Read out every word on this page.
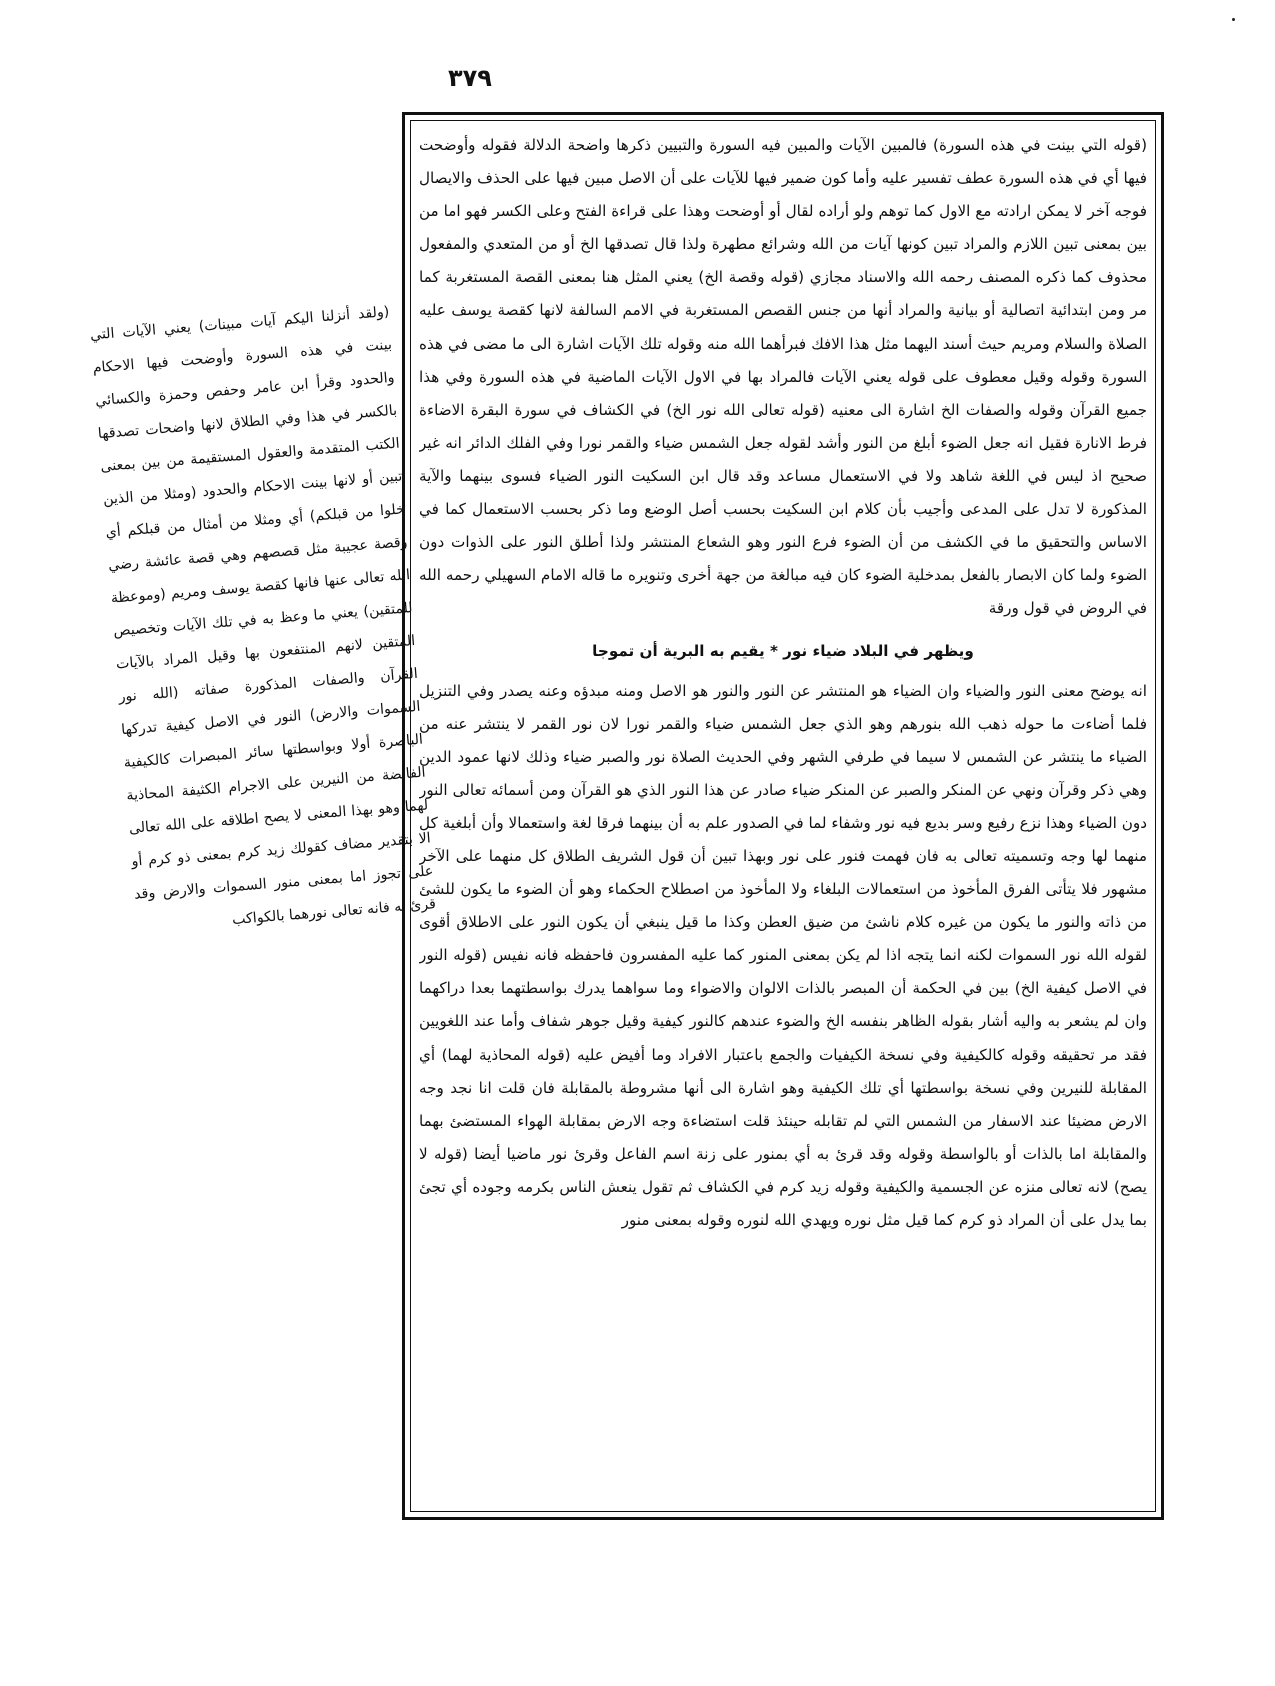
٣٧٩
(ولقد أنزلنا اليكم آيات مبينات) يعني الآيات التي بينت في هذه السورة وأوضحت فيها الاحكام والحدود وقرأ ابن عامر وحفص وحمزة والكسائي بالكسر في هذا وفي الطلاق لانها واضحات تصدقها الكتب المتقدمة والعقول المستقيمة من بين بمعنى تبين أو لانها بينت الاحكام والحدود (ومثلا من الذين خلوا من قبلكم) أي ومثلا من أمثال من قبلكم أي وقصة عجيبة مثل قصصهم وهي قصة عائشة رضي الله تعالى عنها فانها كقصة يوسف ومريم (وموعظة للمتقين) يعني ما وعظ به في تلك الآيات وتخصيص المتقين لانهم المنتفعون بها وقيل المراد بالآيات القرآن والصفات المذكورة صفاته (الله نور السموات والارض) النور في الاصل كيفية تدركها الباصرة أولا وبواسطتها سائر المبصرات كالكيفية الفائضة من النيرين على الاجرام الكثيفة المحاذية لهما وهو بهذا المعنى لا يصح اطلاقه على الله تعالى الا بتقدير مضاف كقولك زيد كرم بمعنى ذو كرم أو على تجوز اما بمعنى منور السموات والارض وقد قرئ به فانه تعالى نورهما بالكواكب

(قوله التي بينت في هذه السورة) فالمبين الآيات والمبين فيه السورة والتبيين ذكرها واضحة الدلالة فقوله وأوضحت فيها أي في هذه السورة عطف تفسير عليه وأما كون ضمير فيها للآيات على أن الاصل مبين فيها على الحذف والايصال فوجه آخر لا يمكن ارادته مع الاول كما توهم ولو أراده لقال أو أوضحت وهذا على قراءة الفتح وعلى الكسر فهو اما من بين بمعنى تبين اللازم والمراد تبين كونها آيات من الله وشرائع مطهرة ولذا قال تصدقها الخ أو من المتعدي والمفعول محذوف كما ذكره المصنف رحمه الله والاسناد مجازي (قوله وقصة الخ) يعني المثل هنا بمعنى القصة المستغربة كما مر ومن ابتدائية اتصالية أو بيانية والمراد أنها من جنس القصص المستغربة في الامم السالفة لانها كقصة يوسف عليه الصلاة والسلام ومريم حيث أسند اليهما مثل هذا الافك فبرأهما الله منه وقوله تلك الآيات اشارة الى ما مضى في هذه السورة وقوله وقيل معطوف على قوله يعني الآيات فالمراد بها في الاول الآيات الماضية في هذه السورة وفي هذا جميع القرآن وقوله والصفات الخ اشارة الى معنيه (قوله تعالى الله نور الخ) في الكشاف في سورة البقرة الاضاءة فرط الانارة فقيل انه جعل الضوء أبلغ من النور وأشد لقوله جعل الشمس ضياء والقمر نورا وفي الفلك الدائر انه غير صحيح اذ ليس في اللغة شاهد ولا في الاستعمال مساعد وقد قال ابن السكيت النور الضياء فسوى بينهما والآية المذكورة لا تدل على المدعى وأجيب بأن كلام ابن السكيت بحسب أصل الوضع وما ذكر بحسب الاستعمال كما في الاساس والتحقيق ما في الكشف من أن الضوء فرع النور وهو الشعاع المنتشر ولذا أطلق النور على الذوات دون الضوء ولما كان الابصار بالفعل بمدخلية الضوء كان فيه مبالغة من جهة أخرى وتنويره ما قاله الامام السهيلي رحمه الله في الروض في قول ورقة

ويظهر في البلاد ضياء نور * يقيم به البرية أن تموجا

انه يوضح معنى النور والضياء وان الضياء هو المنتشر عن النور والنور هو الاصل ومنه مبدؤه وعنه يصدر وفي التنزيل فلما أضاءت ما حوله ذهب الله بنورهم وهو الذي جعل الشمس ضياء والقمر نورا لان نور القمر لا ينتشر عنه من الضياء ما ينتشر عن الشمس لا سيما في طرفي الشهر وفي الحديث الصلاة نور والصبر ضياء وذلك لانها عمود الدين وهي ذكر وقرآن ونهي عن المنكر والصبر عن المنكر ضياء صادر عن هذا النور الذي هو القرآن ومن أسمائه تعالى النور دون الضياء وهذا نزع رفيع وسر بديع فيه نور وشفاء لما في الصدور علم به أن بينهما فرقا لغة واستعمالا وأن أبلغية كل منهما لها وجه وتسميته تعالى به فان فهمت فنور على نور وبهذا تبين أن قول الشريف الطلاق كل منهما على الآخر مشهور فلا يتأتى الفرق المأخوذ من استعمالات البلغاء ولا المأخوذ من اصطلاح الحكماء وهو أن الضوء ما يكون للشئ من ذاته والنور ما يكون من غيره كلام ناشئ من ضيق العطن وكذا ما قيل ينبغي أن يكون النور على الاطلاق أقوى لقوله الله نور السموات لكنه انما يتجه اذا لم يكن بمعنى المنور كما عليه المفسرون فاحفظه فانه نفيس (قوله النور في الاصل كيفية الخ) بين في الحكمة أن المبصر بالذات الالوان والاضواء وما سواهما يدرك بواسطتهما بعدا دراكهما وان لم يشعر به واليه أشار بقوله الظاهر بنفسه الخ والضوء عندهم كالنور كيفية وقيل جوهر شفاف وأما عند اللغويين فقد مر تحقيقه وقوله كالكيفية وفي نسخة الكيفيات والجمع باعتبار الافراد وما أفيض عليه (قوله المحاذية لهما) أي المقابلة للنيرين وفي نسخة بواسطتها أي تلك الكيفية وهو اشارة الى أنها مشروطة بالمقابلة فان قلت انا نجد وجه الارض مضيئا عند الاسفار من الشمس التي لم تقابله حينئذ قلت استضاءة وجه الارض بمقابلة الهواء المستضئ بهما والمقابلة اما بالذات أو بالواسطة وقوله وقد قرئ به أي بمنور على زنة اسم الفاعل وقرئ نور ماضيا أيضا (قوله لا يصح) لانه تعالى منزه عن الجسمية والكيفية وقوله زيد كرم في الكشاف ثم تقول ينعش الناس بكرمه وجوده أي تجئ بما يدل على أن المراد ذو كرم كما قيل مثل نوره ويهدي الله لنوره وقوله بمعنى منور
